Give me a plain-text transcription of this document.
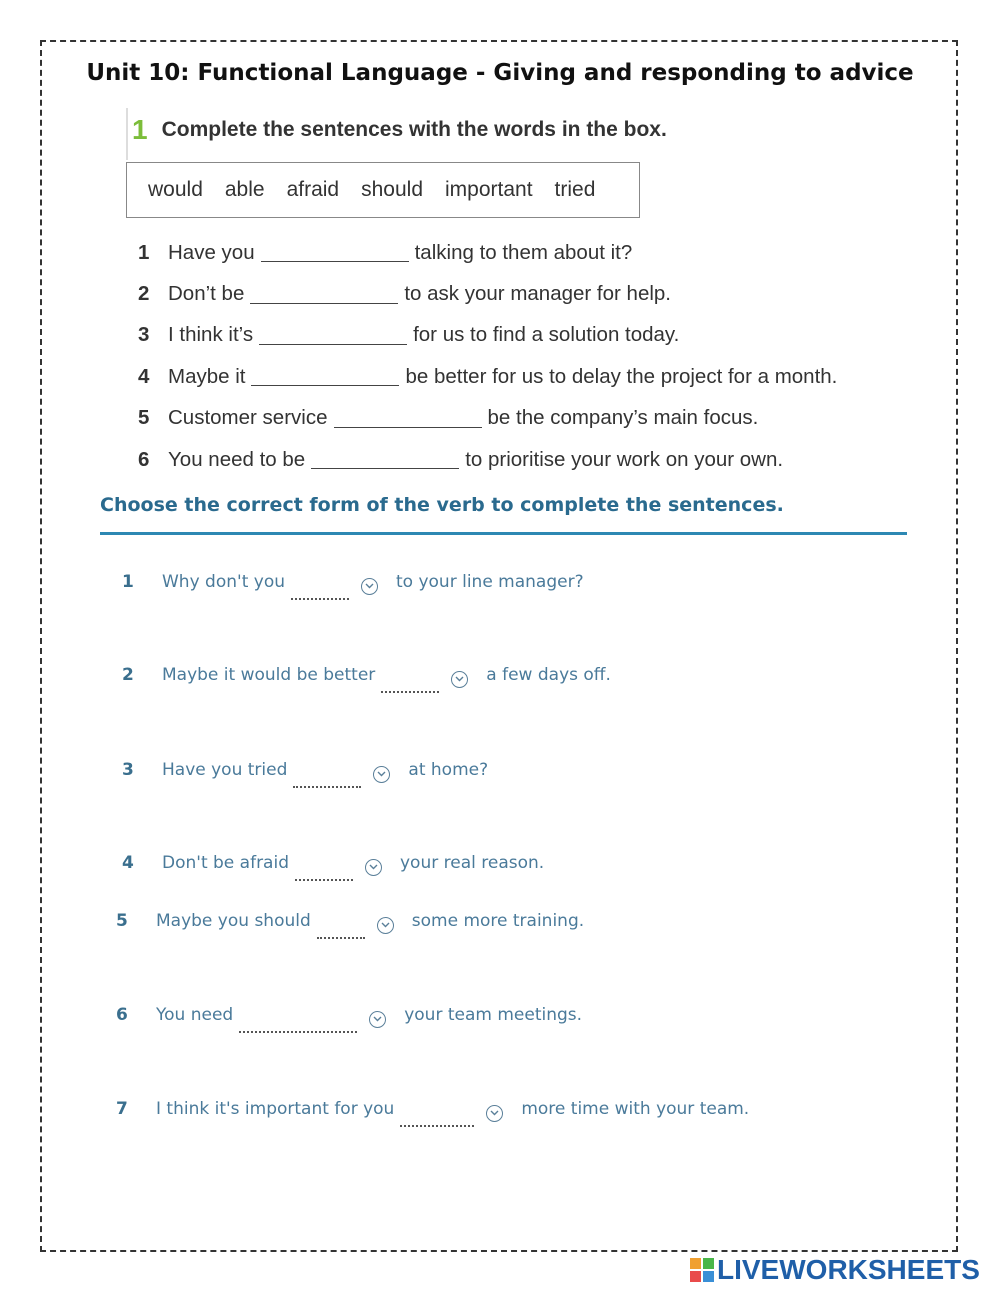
Unit 10: Functional Language - Giving and responding to advice
1 Complete the sentences with the words in the box.
would able afraid should important tried
1 Have you	talking to them about it?
2 Don’t be	to ask your manager for help.
3 I think it’s	for us to find a solution today.
4 Maybe it	be better for us to delay the project for a month.
5 Customer service	be the company’s main focus.
6 You need to be	to prioritise your work on your own.
Choose the correct form of the verb to complete the sentences.
1	Why don't you	to your line manager?
2	Maybe it would be better	a few days off.
3	Have you tried	at home?
4	Don't be afraid	your real reason.
5	Maybe you should	some more training.
6	You need	your team meetings.
7	I think it's important for you	more time with your team.
LIVEWORKSHEETS
